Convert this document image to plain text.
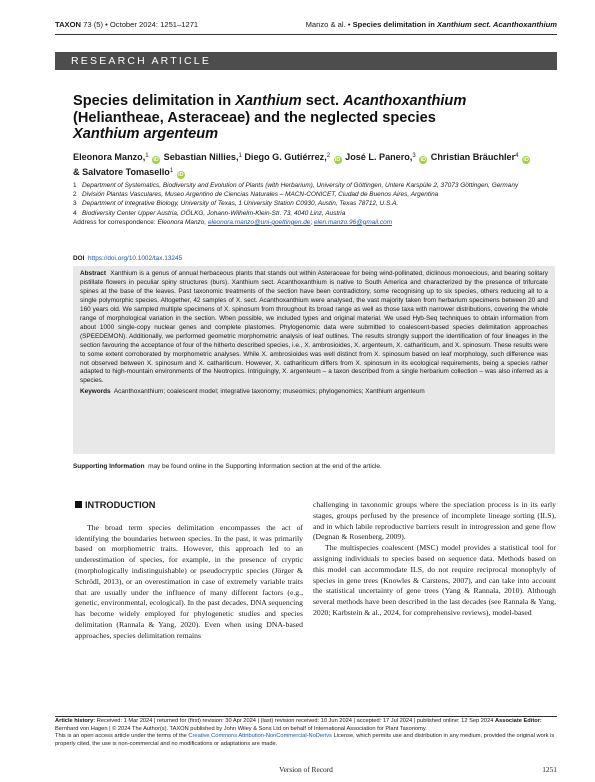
TAXON 73 (5) • October 2024: 1251–1271	Manzo & al. • Species delimitation in Xanthium sect. Acanthoxanthium
RESEARCH ARTICLE
Species delimitation in Xanthium sect. Acanthoxanthium
(Heliantheae, Asteraceae) and the neglected species
Xanthium argenteum
Eleonora Manzo,$^1$ iD Sebastian Nillies,$^1$ Diego G. Gutiérrez,$^2$ iD José L. Panero,$^3$ iD Christian Bräuchler$^4$ iD
& Salvatore Tomasello$^1$ iD
1 Department of Systematics, Biodiversity and Evolution of Plants (with Herbarium), University of Göttingen, Untere Karspüle 2, 37073 Göttingen, Germany
2 División Plantas Vasculares, Museo Argentino de Ciencias Naturales – MACN-CONICET, Ciudad de Buenos Aires, Argentina
3 Department of Integrative Biology, University of Texas, 1 University Station C0930, Austin, Texas 78712, U.S.A.
4 Biodiversity Center Upper Austria, OÖLKG, Johann-Wilhelm-Klein-Str. 73, 4040 Linz, Austria
Address for correspondence: Eleonora Manzo, eleonora.manzo@uni-goettingen.de; elen.manzo.96@gmail.com
DOI https://doi.org/10.1002/tax.13245
Abstract Xanthium is a genus of annual herbaceous plants that stands out within Asteraceae for being wind-pollinated, diclinous monoecious, and bearing solitary pistillate flowers in peculiar spiny structures (burs). Xanthium sect. Acanthoxanthium is native to South America and characterized by the presence of trifurcate spines at the base of the leaves. Past taxonomic treatments of the section have been contradictory, some recognising up to six species, others reducing all to a single polymorphic species. Altogether, 42 samples of X. sect. Acanthoxanthium were analysed, the vast majority taken from herbarium specimens between 20 and 160 years old. We sampled multiple specimens of X. spinosum from throughout its broad range as well as those taxa with narrower distributions, covering the whole range of morphological variation in the section. When possible, we included types and original material. We used Hyb-Seq techniques to obtain information from about 1000 single-copy nuclear genes and complete plastomes. Phylogenomic data were submitted to coalescent-based species delimitation approaches (SPEEDEMON). Additionally, we performed geometric morphometric analysis of leaf outlines. The results strongly support the identification of four lineages in the section favouring the acceptance of four of the hitherto described species, i.e., X. ambrosioides, X. argenteum, X. cathariticum, and X. spinosum. These results were to some extent corroborated by morphometric analyses. While X. ambrosioides was well distinct from X. spinosum based on leaf morphology, such difference was not observed between X. spinosum and X. cathariticum. However, X. cathariticum differs from X. spinosum in its ecological requirements, being a species rather adapted to high-mountain environments of the Neotropics. Intriguingly, X. argenteum – a taxon described from a single herbarium collection – was also inferred as a species.
Keywords Acanthoxanthium; coalescent model; integrative taxonomy; museomics; phylogenomics; Xanthium argenteum
Supporting Information may be found online in the Supporting Information section at the end of the article.
INTRODUCTION

The broad term species delimitation encompasses the act of identifying the boundaries between species. In the past, it was primarily based on morphometric traits. However, this approach led to an underestimation of species, for example, in the presence of cryptic (morphologically indistinguishable) or pseudocryptic species (Jörger & Schrödl, 2013), or an overestimation in case of extremely variable traits that are usually under the influence of many different factors (e.g., genetic, environmental, ecological). In the past decades, DNA sequencing has become widely employed for phylogenetic studies and species delimitation (Rannala & Yang, 2020). Even when using DNA-based approaches, species delimitation remains

challenging in taxonomic groups where the speciation process is in its early stages, groups perfused by the presence of incomplete lineage sorting (ILS), and in which labile reproductive barriers result in introgression and gene flow (Degnan & Rosenberg, 2009).

The multispecies coalescent (MSC) model provides a statistical tool for assigning individuals to species based on sequence data. Methods based on this model can accommodate ILS, do not require reciprocal monophyly of species in gene trees (Knowles & Carstens, 2007), and can take into account the statistical uncertainty of gene trees (Yang & Rannala, 2010). Although several methods have been described in the last decades (see Rannala & Yang, 2020; Karbstein & al., 2024, for comprehensive reviews), model-based

Article history: Received: 1 Mar 2024 | returned for (first) revision: 30 Apr 2024 | (last) revision received: 10 Jun 2024 | accepted: 17 Jul 2024 | published online: 12 Sep 2024 Associate Editor: Bernhard von Hagen | © 2024 The Author(s). TAXON published by John Wiley & Sons Ltd on behalf of International Association for Plant Taxonomy.
This is an open access article under the terms of the Creative Commons Attribution-NonCommercial-NoDerivs License, which permits use and distribution in any medium, provided the original work is properly cited, the use is non-commercial and no modifications or adaptations are made.
Version of Record	1251
